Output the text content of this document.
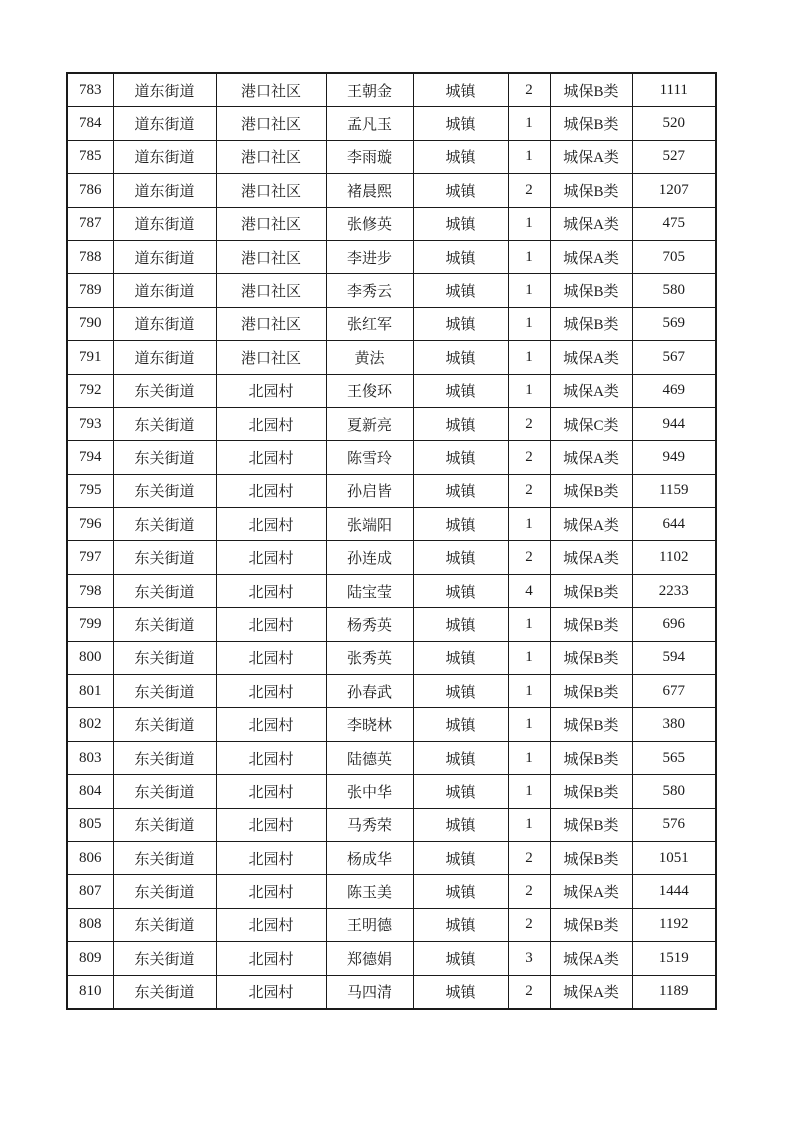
783	道东街道	港口社区	王朝金	城镇	2	城保B类	1111
784	道东街道	港口社区	孟凡玉	城镇	1	城保B类	520
785	道东街道	港口社区	李雨璇	城镇	1	城保A类	527
786	道东街道	港口社区	褚晨熙	城镇	2	城保B类	1207
787	道东街道	港口社区	张修英	城镇	1	城保A类	475
788	道东街道	港口社区	李进步	城镇	1	城保A类	705
789	道东街道	港口社区	李秀云	城镇	1	城保B类	580
790	道东街道	港口社区	张红军	城镇	1	城保B类	569
791	道东街道	港口社区	黄法	城镇	1	城保A类	567
792	东关街道	北园村	王俊环	城镇	1	城保A类	469
793	东关街道	北园村	夏新亮	城镇	2	城保C类	944
794	东关街道	北园村	陈雪玲	城镇	2	城保A类	949
795	东关街道	北园村	孙启皆	城镇	2	城保B类	1159
796	东关街道	北园村	张端阳	城镇	1	城保A类	644
797	东关街道	北园村	孙连成	城镇	2	城保A类	1102
798	东关街道	北园村	陆宝莹	城镇	4	城保B类	2233
799	东关街道	北园村	杨秀英	城镇	1	城保B类	696
800	东关街道	北园村	张秀英	城镇	1	城保B类	594
801	东关街道	北园村	孙春武	城镇	1	城保B类	677
802	东关街道	北园村	李晓林	城镇	1	城保B类	380
803	东关街道	北园村	陆德英	城镇	1	城保B类	565
804	东关街道	北园村	张中华	城镇	1	城保B类	580
805	东关街道	北园村	马秀荣	城镇	1	城保B类	576
806	东关街道	北园村	杨成华	城镇	2	城保B类	1051
807	东关街道	北园村	陈玉美	城镇	2	城保A类	1444
808	东关街道	北园村	王明德	城镇	2	城保B类	1192
809	东关街道	北园村	郑德娟	城镇	3	城保A类	1519
810	东关街道	北园村	马四清	城镇	2	城保A类	1189
